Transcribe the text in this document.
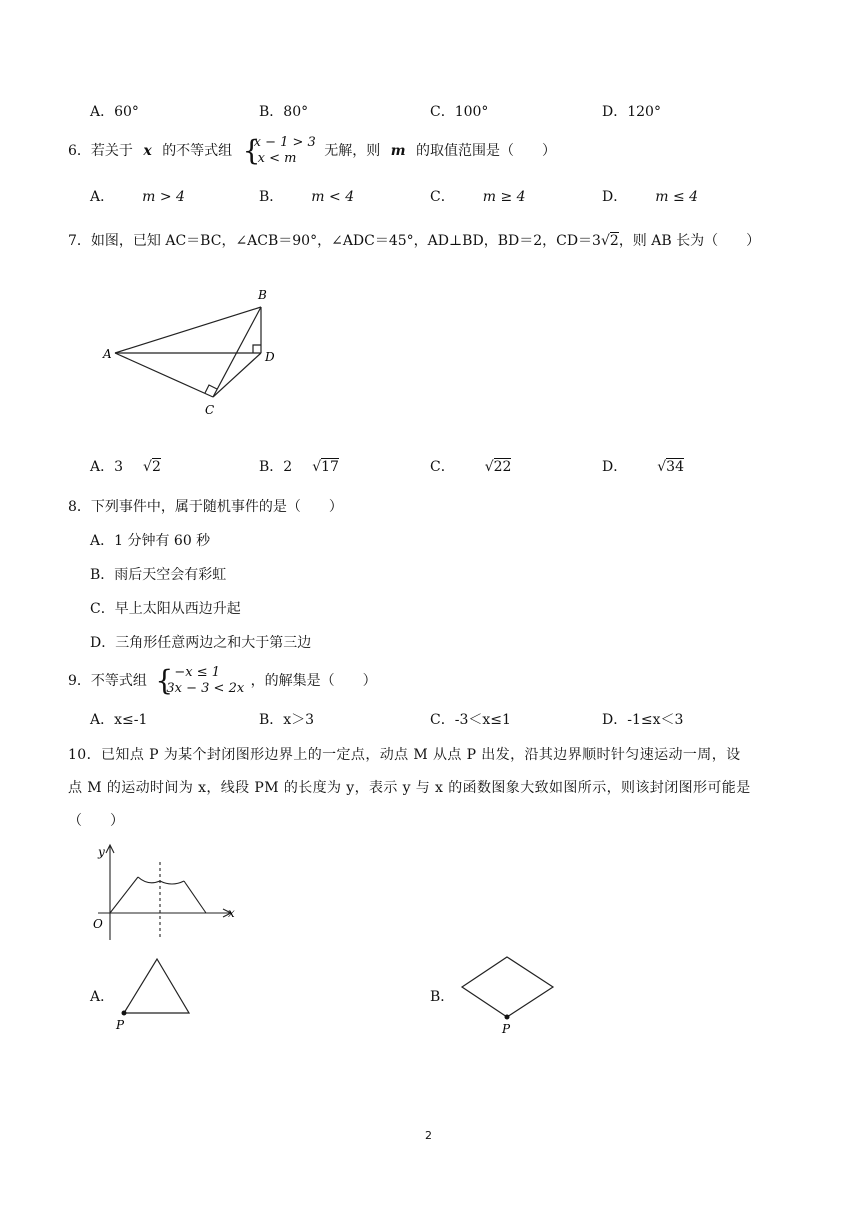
A．60°	B．80°	C．100°	D．120°
6．若关于 x 的不等式组
{ x − 1 > 3
x < m	无解，则 m 的取值范围是（　　）
A． m > 4	B． m < 4	C． m ≥ 4	D． m ≤ 4
7．如图，已知 AC＝BC，∠ACB＝90°，∠ADC＝45°，AD⊥BD，BD＝2，CD＝3√2，则 AB 长为（　　）
A
B
C
D
A．3 √2	B．2 √17	C． √22	D． √34
8．下列事件中，属于随机事件的是（　　）
A．1 分钟有 60 秒
B．雨后天空会有彩虹
C．早上太阳从西边升起
D．三角形任意两边之和大于第三边
9．不等式组
{ −x ≤ 1
3x − 3 < 2x ，的解集是（　　）
A．x≤-1	B．x＞3	C．-3＜x≤1	D．-1≤x＜3
10．已知点 P 为某个封闭图形边界上的一定点，动点 M 从点 P 出发，沿其边界顺时针匀速运动一周，设
点 M 的运动时间为 x，线段 PM 的长度为 y，表示 y 与 x 的函数图象大致如图所示，则该封闭图形可能是
（　　）
y
x
O
A．
P
B．
P
2
